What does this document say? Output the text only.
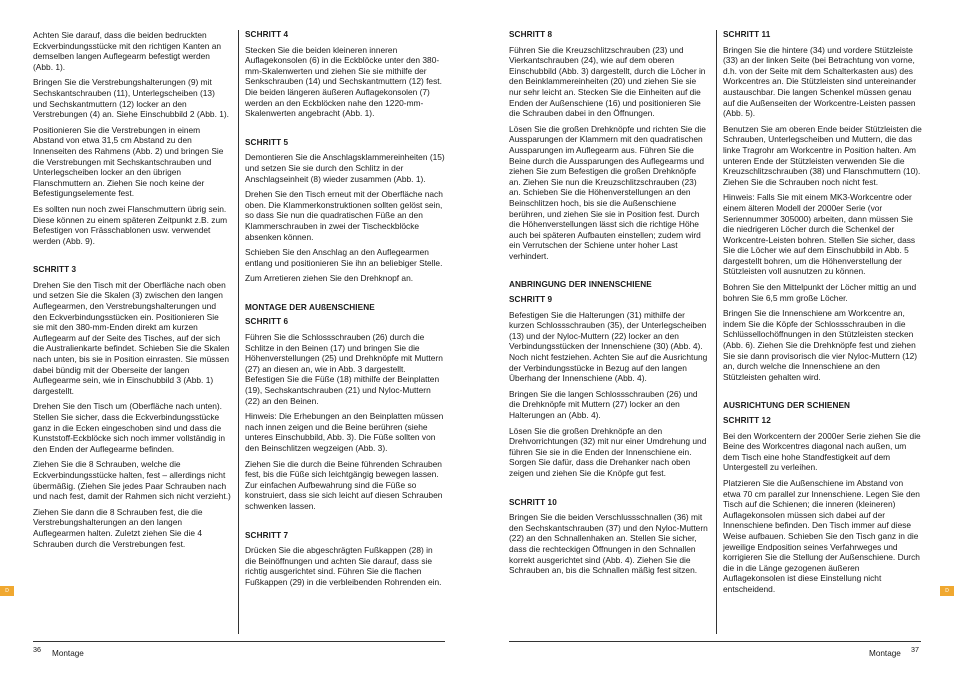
Achten Sie darauf, dass die beiden bedruckten Eckverbindungsstücke mit den richtigen Kanten an demselben langen Auflegearm befestigt werden (Abb. 1).

Bringen Sie die Verstrebungshalterungen (9) mit Sechskantschrauben (11), Unterlegscheiben (13) und Sechskantmuttern (12) locker an den Verstrebungen (4) an. Siehe Einschubbild 2 (Abb. 1).

Positionieren Sie die Verstrebungen in einem Abstand von etwa 31,5 cm Abstand zu den Innenseiten des Rahmens (Abb. 2) und bringen Sie die Verstrebungen mit Sechskantschrauben und Unterlegscheiben locker an den übrigen Flanschmuttern an. Ziehen Sie noch keine der Befestigungselemente fest.

Es sollten nun noch zwei Flanschmuttern übrig sein. Diese können zu einem späteren Zeitpunkt z.B. zum Befestigen von Frässchablonen usw. verwendet werden (Abb. 9).

SCHRITT 3

Drehen Sie den Tisch mit der Oberfläche nach oben und setzen Sie die Skalen (3) zwischen den langen Auflegearmen, den Verstrebungshalterungen und den Eckverbindungsstücken ein. Positionieren Sie sie mit den 380-mm-Enden direkt am kurzen Auflegearm auf der Seite des Tisches, auf der sich die Australienkarte befindet. Schieben Sie die Skalen nach unten, bis sie in Position einrasten. Sie müssen dabei bündig mit der Oberseite der langen Auflegearme sein, wie in Einschubbild 3 (Abb. 1) dargestellt.

Drehen Sie den Tisch um (Oberfläche nach unten). Stellen Sie sicher, dass die Eckverbindungsstücke ganz in die Ecken eingeschoben sind und dass die Kunststoff-Eckblöcke sich noch immer vollständig in den Enden der Auflegearme befinden.

Ziehen Sie die 8 Schrauben, welche die Eckverbindungsstücke halten, fest – allerdings nicht übermäßig. (Ziehen Sie jedes Paar Schrauben nach und nach fest, damit der Rahmen sich nicht verzieht.)

Ziehen Sie dann die 8 Schrauben fest, die die Verstrebungshalterungen an den langen Auflegearmen halten. Zuletzt ziehen Sie die 4 Schrauben durch die Verstrebungen fest.

SCHRITT 4

Stecken Sie die beiden kleineren inneren Auflagekonsolen (6) in die Eckblöcke unter den 380-mm-Skalenwerten und ziehen Sie sie mithilfe der Senkschrauben (14) und Sechskantmuttern (12) fest. Die beiden längeren äußeren Auflagekonsolen (7) werden an den Eckblöcken nahe den 1220-mm-Skalenwerten angebracht (Abb. 1).

SCHRITT 5

Demontieren Sie die Anschlagsklammereinheiten (15) und setzen Sie sie durch den Schlitz in der Anschlagseinheit (8) wieder zusammen (Abb. 1).

Drehen Sie den Tisch erneut mit der Oberfläche nach oben. Die Klammerkonstruktionen sollten gelöst sein, so dass Sie nun die quadratischen Füße an den Klammerschrauben in zwei der Tischeckblöcke absenken können.

Schieben Sie den Anschlag an den Auflegearmen entlang und positionieren Sie ihn an beliebiger Stelle.

Zum Arretieren ziehen Sie den Drehknopf an.

MONTAGE DER AUßENSCHIENE
SCHRITT 6

Führen Sie die Schlossschrauben (26) durch die Schlitze in den Beinen (17) und bringen Sie die Höhenverstellungen (25) und Drehknöpfe mit Muttern (27) an diesen an, wie in Abb. 3 dargestellt. Befestigen Sie die Füße (18) mithilfe der Beinplatten (19), Sechskantschrauben (21) und Nyloc-Muttern (22) an den Beinen.

Hinweis: Die Erhebungen an den Beinplatten müssen nach innen zeigen und die Beine berühren (siehe unteres Einschubbild, Abb. 3). Die Füße sollten von den Beinschlitzen wegzeigen (Abb. 3).

Ziehen Sie die durch die Beine führenden Schrauben fest, bis die Füße sich leichtgängig bewegen lassen. Zur einfachen Aufbewahrung sind die Füße so konstruiert, dass sie sich leicht auf diesen Schrauben schwenken lassen.

SCHRITT 7

Drücken Sie die abgeschrägten Fußkappen (28) in die Beinöffnungen und achten Sie darauf, dass sie richtig ausgerichtet sind. Führen Sie die flachen Fußkappen (29) in die verbleibenden Rohrenden ein.

SCHRITT 8

Führen Sie die Kreuzschlitzschrauben (23) und Vierkantschrauben (24), wie auf dem oberen Einschubbild (Abb. 3) dargestellt, durch die Löcher in den Beinklammereinheiten (20) und ziehen Sie sie nur sehr leicht an. Stecken Sie die Einheiten auf die Enden der Außenschiene (16) und positionieren Sie die Schrauben dabei in den Öffnungen.

Lösen Sie die großen Drehknöpfe und richten Sie die Aussparungen der Klammern mit den quadratischen Aussparungen im Auflegearm aus. Führen Sie die Beine durch die Aussparungen des Auflegearms und ziehen Sie zum Befestigen die großen Drehknöpfe an. Ziehen Sie nun die Kreuzschlitzschrauben (23) an. Schieben Sie die Höhenverstellungen an den Beinschlitzen hoch, bis sie die Außenschiene berühren, und ziehen Sie sie in Position fest. Durch die Höhenverstellungen lässt sich die richtige Höhe auch bei späteren Aufbauten einstellen; zudem wird ein Verrutschen der Schiene unter hoher Last verhindert.

ANBRINGUNG DER INNENSCHIENE
SCHRITT 9

Befestigen Sie die Halterungen (31) mithilfe der kurzen Schlossschrauben (35), der Unterlegscheiben (13) und der Nyloc-Muttern (22) locker an den Verbindungsstücken der Innenschiene (30) (Abb. 4). Noch nicht festziehen. Achten Sie auf die Ausrichtung der Verbindungsstücke in Bezug auf den langen Überhang der Innenschiene (Abb. 4).

Bringen Sie die langen Schlossschrauben (26) und die Drehknöpfe mit Muttern (27) locker an den Halterungen an (Abb. 4).

Lösen Sie die großen Drehknöpfe an den Drehvorrichtungen (32) mit nur einer Umdrehung und führen Sie sie in die Enden der Innenschiene ein. Sorgen Sie dafür, dass die Drehanker nach oben zeigen und ziehen Sie die Knöpfe gut fest.

SCHRITT 10

Bringen Sie die beiden Verschlussschnallen (36) mit den Sechskantschrauben (37) und den Nyloc-Muttern (22) an den Schnallenhaken an. Stellen Sie sicher, dass die rechteckigen Öffnungen in den Schnallen korrekt ausgerichtet sind (Abb. 4). Ziehen Sie die Schrauben an, bis die Schnallen mäßig fest sitzen.

SCHRITT 11

Bringen Sie die hintere (34) und vordere Stützleiste (33) an der linken Seite (bei Betrachtung von vorne, d.h. von der Seite mit dem Schalterkasten aus) des Workcentres an. Die Stützleisten sind untereinander austauschbar. Die langen Schenkel müssen genau auf die Außenseiten der Workcentre-Leisten passen (Abb. 5).

Benutzen Sie am oberen Ende beider Stützleisten die Schrauben, Unterlegscheiben und Muttern, die das linke Tragrohr am Workcentre in Position halten. Am unteren Ende der Stützleisten verwenden Sie die Kreuzschlitzschrauben (38) und Flanschmuttern (10). Ziehen Sie die Schrauben noch nicht fest.

Hinweis: Falls Sie mit einem MK3-Workcentre oder einem älteren Modell der 2000er Serie (vor Seriennummer 305000) arbeiten, dann müssen Sie die niedrigeren Löcher durch die Schenkel der Workcentre-Leisten bohren. Stellen Sie sicher, dass Sie die Löcher wie auf dem Einschubbild in Abb. 5 dargestellt bohren, um die Höhenverstellung der Stützleisten voll ausnutzen zu können.

Bohren Sie den Mittelpunkt der Löcher mittig an und bohren Sie 6,5 mm große Löcher.

Bringen Sie die Innenschiene am Workcentre an, indem Sie die Köpfe der Schlossschrauben in die Schlüssellochöffnungen in den Stützleisten stecken (Abb. 6). Ziehen Sie die Drehknöpfe fest und ziehen Sie sie dann provisorisch die vier Nyloc-Muttern (12) an, durch welche die Innenschiene an den Stützleisten gehalten wird.

AUSRICHTUNG DER SCHIENEN
SCHRITT 12

Bei den Workcentern der 2000er Serie ziehen Sie die Beine des Workcentres diagonal nach außen, um dem Tisch eine hohe Standfestigkeit auf dem Untergestell zu verleihen.

Platzieren Sie die Außenschiene im Abstand von etwa 70 cm parallel zur Innenschiene. Legen Sie den Tisch auf die Schienen; die inneren (kleineren) Auflagekonsolen müssen sich dabei auf der Innenschiene befinden. Den Tisch immer auf diese Weise aufbauen. Schieben Sie den Tisch ganz in die jeweilige Endposition seines Verfahrweges und korrigieren Sie die Stellung der Außenschiene. Durch die in die Länge gezogenen äußeren Auflagekonsolen ist diese Einstellung nicht entscheidend.

D	D
36 Montage	Montage 37
